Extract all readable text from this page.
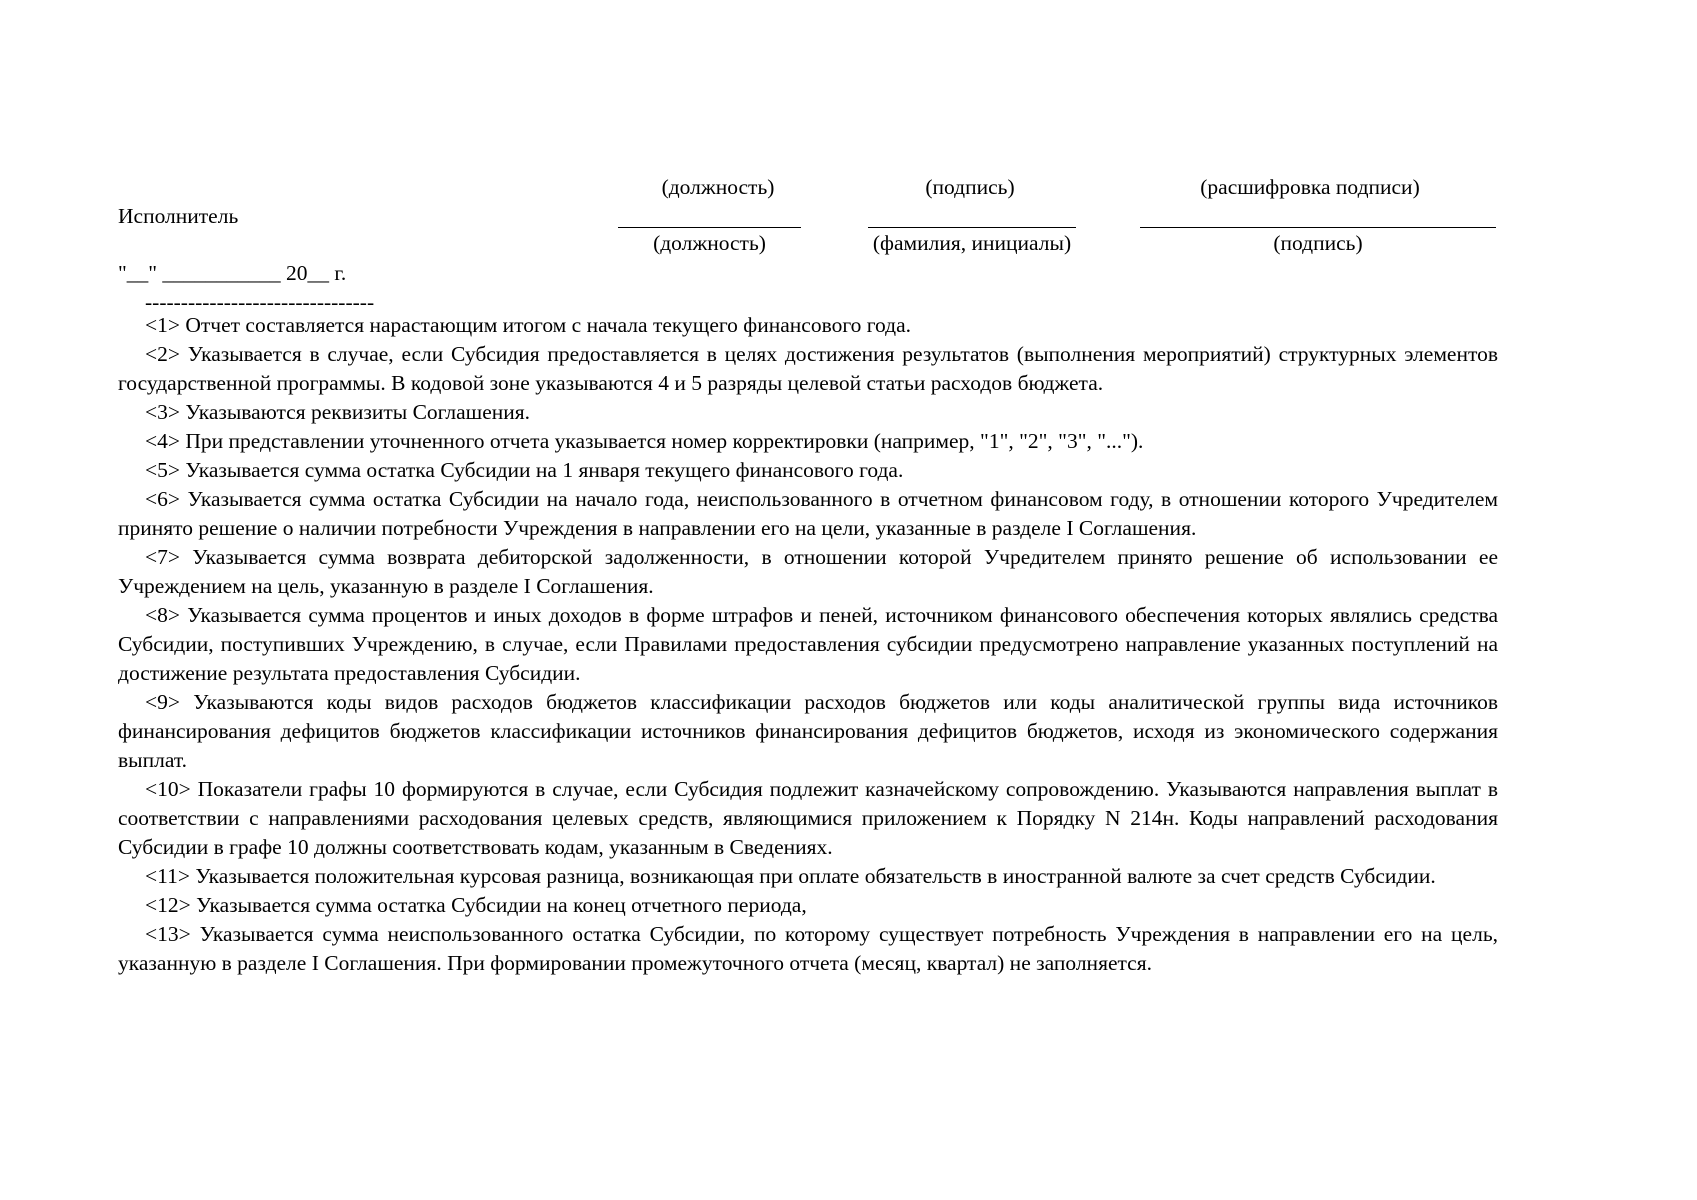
(должность)	(подпись)	(расшифровка подписи)
Исполнитель
(должность)	(фамилия, инициалы)	(подпись)
"__" ___________ 20__ г.
--------------------------------

<1> Отчет составляется нарастающим итогом с начала текущего финансового года.

<2> Указывается в случае, если Субсидия предоставляется в целях достижения результатов (выполнения мероприятий) структурных элементов государственной программы. В кодовой зоне указываются 4 и 5 разряды целевой статьи расходов бюджета.

<3> Указываются реквизиты Соглашения.

<4> При представлении уточненного отчета указывается номер корректировки (например, "1", "2", "3", "...").

<5> Указывается сумма остатка Субсидии на 1 января текущего финансового года.

<6> Указывается сумма остатка Субсидии на начало года, неиспользованного в отчетном финансовом году, в отношении которого Учредителем принято решение о наличии потребности Учреждения в направлении его на цели, указанные в разделе I Соглашения.

<7> Указывается сумма возврата дебиторской задолженности, в отношении которой Учредителем принято решение об использовании ее Учреждением на цель, указанную в разделе I Соглашения.

<8> Указывается сумма процентов и иных доходов в форме штрафов и пеней, источником финансового обеспечения которых являлись средства Субсидии, поступивших Учреждению, в случае, если Правилами предоставления субсидии предусмотрено направление указанных поступлений на достижение результата предоставления Субсидии.

<9> Указываются коды видов расходов бюджетов классификации расходов бюджетов или коды аналитической группы вида источников финансирования дефицитов бюджетов классификации источников финансирования дефицитов бюджетов, исходя из экономического содержания выплат.

<10> Показатели графы 10 формируются в случае, если Субсидия подлежит казначейскому сопровождению. Указываются направления выплат в соответствии с направлениями расходования целевых средств, являющимися приложением к Порядку N 214н. Коды направлений расходования Субсидии в графе 10 должны соответствовать кодам, указанным в Сведениях.

<11> Указывается положительная курсовая разница, возникающая при оплате обязательств в иностранной валюте за счет средств Субсидии.

<12> Указывается сумма остатка Субсидии на конец отчетного периода,

<13> Указывается сумма неиспользованного остатка Субсидии, по которому существует потребность Учреждения в направлении его на цель, указанную в разделе I Соглашения. При формировании промежуточного отчета (месяц, квартал) не заполняется.
